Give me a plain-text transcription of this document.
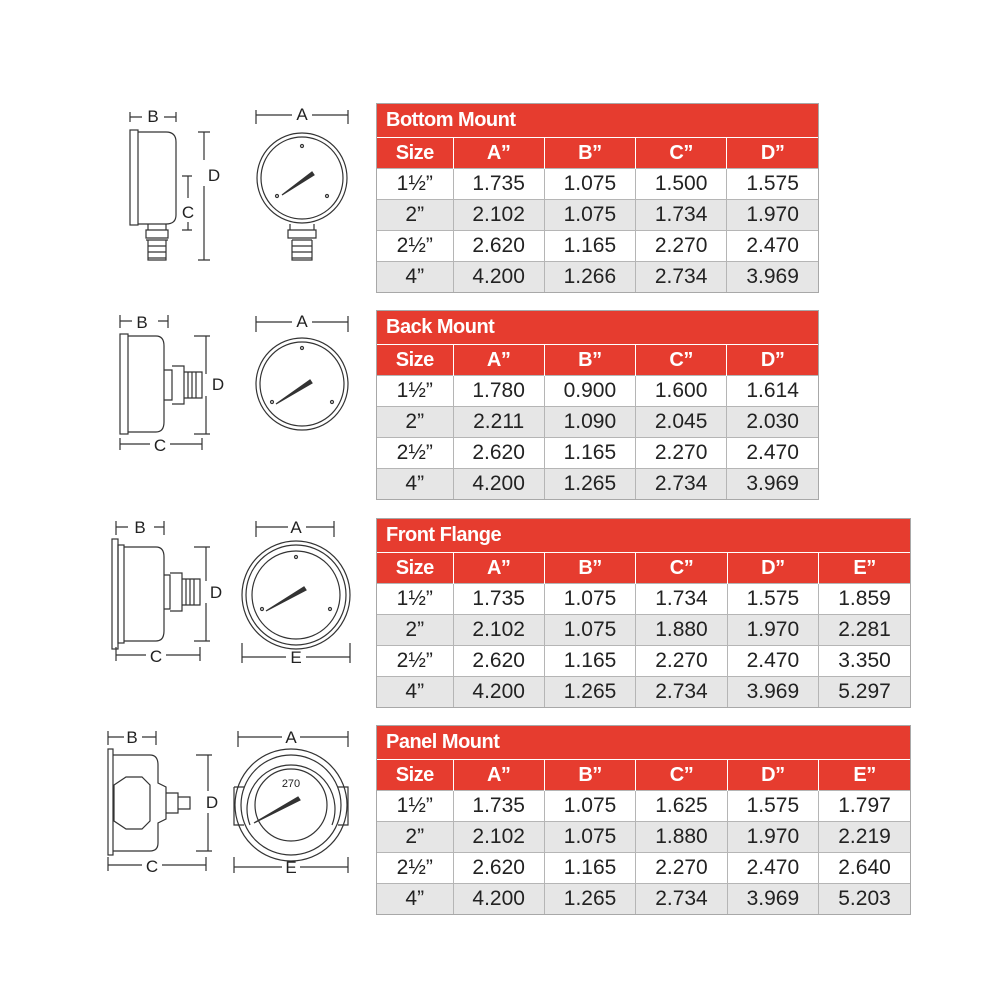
B
C
D
A
B
C
D
A
B
C
D
A
E
B
C
D
270
A
E
Bottom Mount				
Size	A”	B”	C”	D”
1½”	1.735	1.075	1.500	1.575
2”	2.102	1.075	1.734	1.970
2½”	2.620	1.165	2.270	2.470
4”	4.200	1.266	2.734	3.969
Back Mount				
Size	A”	B”	C”	D”
1½”	1.780	0.900	1.600	1.614
2”	2.211	1.090	2.045	2.030
2½”	2.620	1.165	2.270	2.470
4”	4.200	1.265	2.734	3.969
Front Flange					
Size	A”	B”	C”	D”	E”
1½”	1.735	1.075	1.734	1.575	1.859
2”	2.102	1.075	1.880	1.970	2.281
2½”	2.620	1.165	2.270	2.470	3.350
4”	4.200	1.265	2.734	3.969	5.297
Panel Mount					
Size	A”	B”	C”	D”	E”
1½”	1.735	1.075	1.625	1.575	1.797
2”	2.102	1.075	1.880	1.970	2.219
2½”	2.620	1.165	2.270	2.470	2.640
4”	4.200	1.265	2.734	3.969	5.203
